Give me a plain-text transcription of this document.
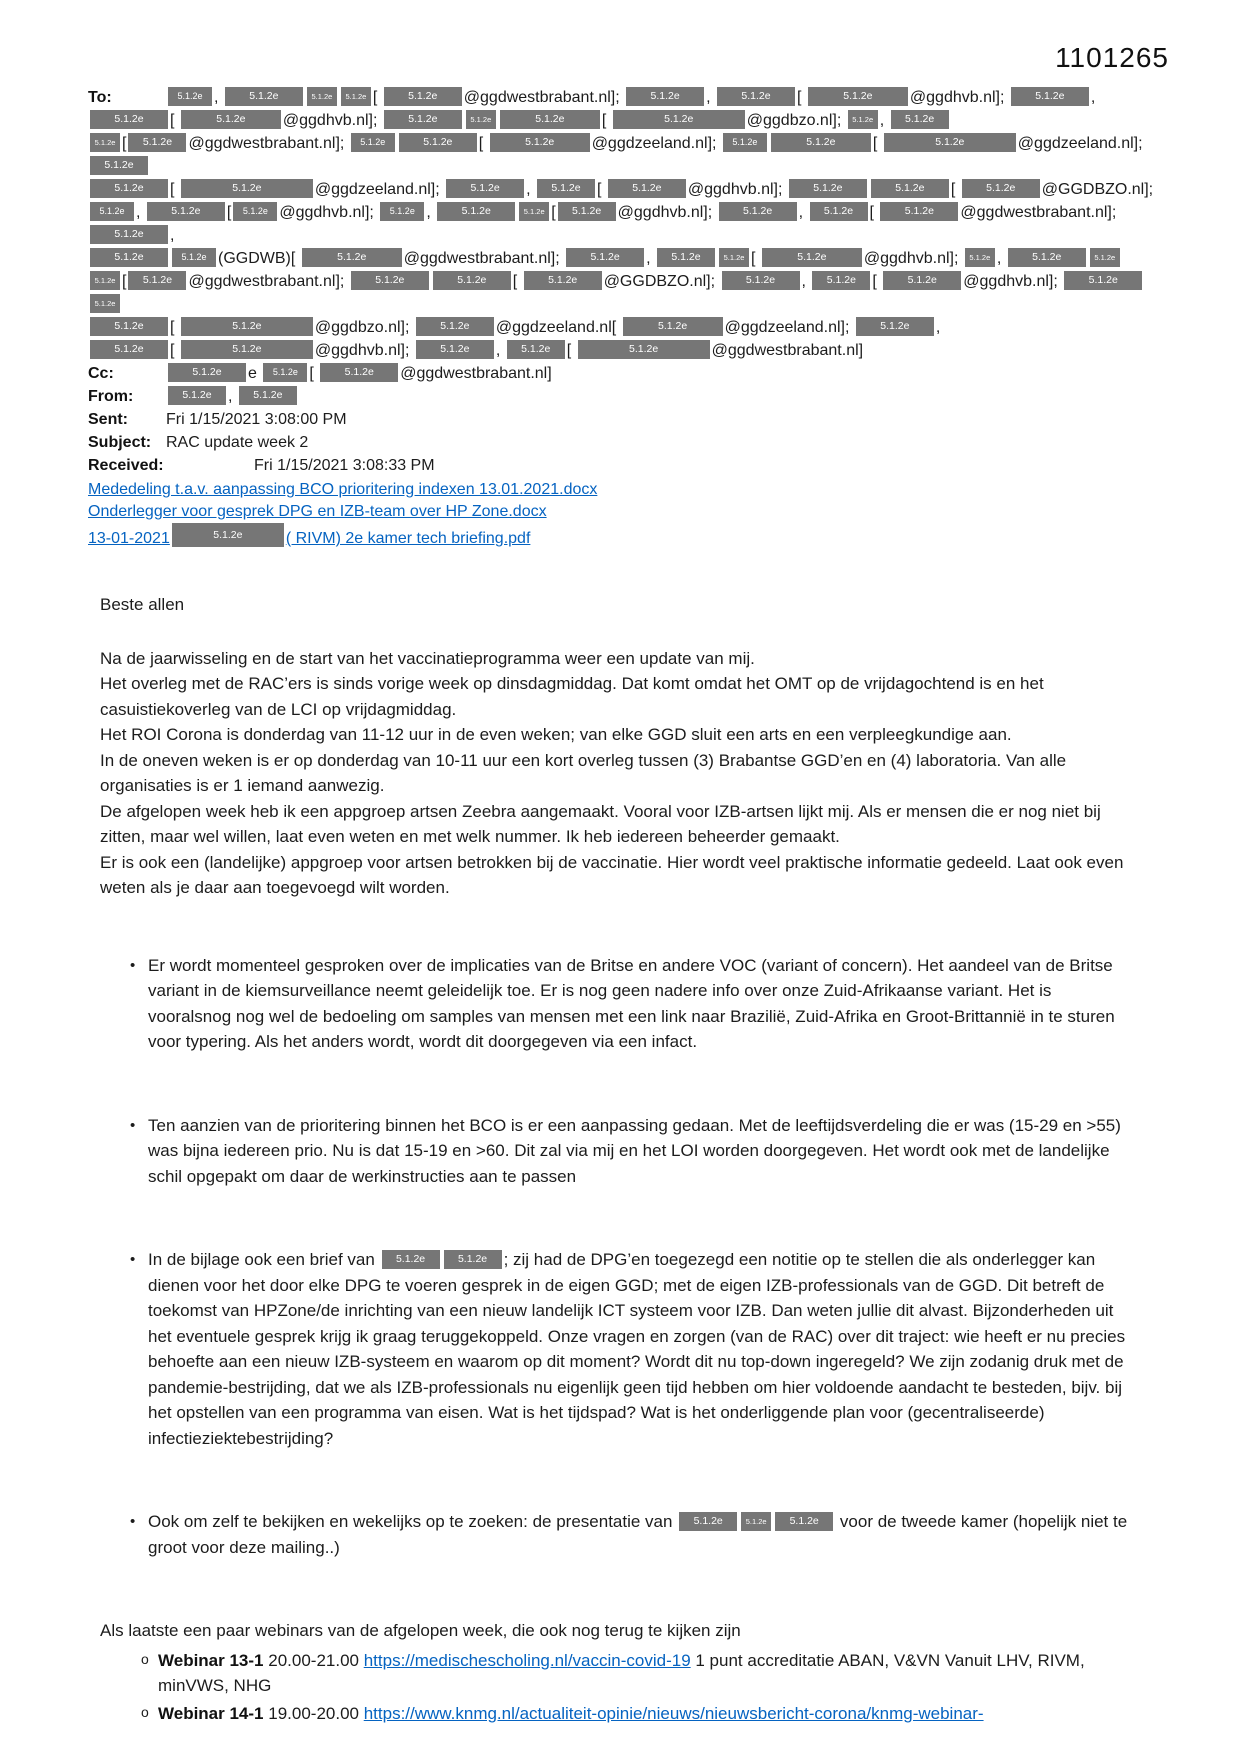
1101265
To:	5.1.2e ,	5.1.2e	5.1.2e 5.1.2e [	5.1.2e @ggdwestbrabant.nl];	5.1.2e ,	5.1.2e [	5.1.2e @ggdhvb.nl];	5.1.2e ,
5.1.2e [	5.1.2e @ggdhvb.nl];	5.1.2e	5.1.2e	5.1.2e [	5.1.2e	@ggdbzo.nl]; 5.1.2e , 5.1.2e
5.1.2e [ 5.1.2e @ggdwestbrabant.nl]; 5.1.2e	5.1.2e [	5.1.2e @ggdzeeland.nl]; 5.1.2e	5.1.2e [	5.1.2e	@ggdzeeland.nl]; 5.1.2e
5.1.2e [	5.1.2e	@ggdzeeland.nl];	5.1.2e , 5.1.2e [	5.1.2e @ggdhvb.nl];	5.1.2e	5.1.2e [	5.1.2e @GGDBZO.nl];
5.1.2e ,	5.1.2e [ 5.1.2e @ggdhvb.nl]; 5.1.2e ,	5.1.2e	5.1.2e [ 5.1.2e @ggdhvb.nl];	5.1.2e , 5.1.2e [	5.1.2e @ggdwestbrabant.nl]; 5.1.2e ,
5.1.2e	5.1.2e (GGDWB)[	5.1.2e @ggdwestbrabant.nl];	5.1.2e , 5.1.2e	5.1.2e [	5.1.2e @ggdhvb.nl]; 5.1.2e ,	5.1.2e	5.1.2e
5.1.2e [ 5.1.2e @ggdwestbrabant.nl];	5.1.2e	5.1.2e [	5.1.2e @GGDBZO.nl];	5.1.2e , 5.1.2e [	5.1.2e @ggdhvb.nl];	5.1.2e5.1.2e
5.1.2e [	5.1.2e	@ggdbzo.nl];	5.1.2e @ggdzeeland.nl[	5.1.2e @ggdzeeland.nl];	5.1.2e ,
5.1.2e [	5.1.2e	@ggdhvb.nl];	5.1.2e , 5.1.2e [	5.1.2e	@ggdwestbrabant.nl]
Cc:	5.1.2e e 5.1.2e [	5.1.2e @ggdwestbrabant.nl]
From:	5.1.2e , 5.1.2e
Sent: Fri 1/15/2021 3:08:00 PM
Subject: RAC update week 2
Received:	Fri 1/15/2021 3:08:33 PM
Mededeling t.a.v. aanpassing BCO prioritering indexen 13.01.2021.docx
Onderlegger voor gesprek DPG en IZB-team over HP Zone.docx
13-01-2021	5.1.2e	( RIVM) 2e kamer tech briefing.pdf
Beste allen
Na de jaarwisseling en de start van het vaccinatieprogramma weer een update van mij.
Het overleg met de RAC’ers is sinds vorige week op dinsdagmiddag. Dat komt omdat het OMT op de vrijdagochtend is en het casuistiekoverleg van de LCI op vrijdagmiddag.
Het ROI Corona is donderdag van 11-12 uur in de even weken; van elke GGD sluit een arts en een verpleegkundige aan.
In de oneven weken is er op donderdag van 10-11 uur een kort overleg tussen (3) Brabantse GGD’en en (4) laboratoria. Van alle organisaties is er 1 iemand aanwezig.
De afgelopen week heb ik een appgroep artsen Zeebra aangemaakt. Vooral voor IZB-artsen lijkt mij. Als er mensen die er nog niet bij zitten, maar wel willen, laat even weten en met welk nummer. Ik heb iedereen beheerder gemaakt.
Er is ook een (landelijke) appgroep voor artsen betrokken bij de vaccinatie. Hier wordt veel praktische informatie gedeeld. Laat ook even weten als je daar aan toegevoegd wilt worden.
• Er wordt momenteel gesproken over de implicaties van de Britse en andere VOC (variant of concern). Het aandeel van de Britse variant in de kiemsurveillance neemt geleidelijk toe. Er is nog geen nadere info over onze Zuid-Afrikaanse variant. Het is vooralsnog nog wel de bedoeling om samples van mensen met een link naar Brazilië, Zuid-Afrika en Groot-Brittannië in te sturen voor typering. Als het anders wordt, wordt dit doorgegeven via een infact.
• Ten aanzien van de prioritering binnen het BCO is er een aanpassing gedaan. Met de leeftijdsverdeling die er was (15-29 en >55) was bijna iedereen prio. Nu is dat 15-19 en >60. Dit zal via mij en het LOI worden doorgegeven. Het wordt ook met de landelijke schil opgepakt om daar de werkinstructies aan te passen
• In de bijlage ook een brief van 5.1.2e	5.1.2e ; zij had de DPG’en toegezegd een notitie op te stellen die als onderlegger kan dienen voor het door elke DPG te voeren gesprek in de eigen GGD; met de eigen IZB-professionals van de GGD. Dit betreft de toekomst van HPZone/de inrichting van een nieuw landelijk ICT systeem voor IZB. Dan weten jullie dit alvast. Bijzonderheden uit het eventuele gesprek krijg ik graag teruggekoppeld. Onze vragen en zorgen (van de RAC) over dit traject: wie heeft er nu precies behoefte aan een nieuw IZB-systeem en waarom op dit moment? Wordt dit nu top-down ingeregeld? We zijn zodanig druk met de pandemie-bestrijding, dat we als IZB-professionals nu eigenlijk geen tijd hebben om hier voldoende aandacht te besteden, bijv. bij het opstellen van een programma van eisen. Wat is het tijdspad? Wat is het onderliggende plan voor (gecentraliseerde) infectieziektebestrijding?
• Ook om zelf te bekijken en wekelijks op te zoeken: de presentatie van 5.1.2e	5.1.2e 5.1.2e voor de tweede kamer (hopelijk niet te groot voor deze mailing..)
Als laatste een paar webinars van de afgelopen week, die ook nog terug te kijken zijn
o Webinar 13-1 20.00-21.00 https://medischescholing.nl/vaccin-covid-19 1 punt accreditatie ABAN, V&VN Vanuit LHV, RIVM, minVWS, NHG
o Webinar 14-1 19.00-20.00 https://www.knmg.nl/actualiteit-opinie/nieuws/nieuwsbericht-corona/knmg-webinar-
